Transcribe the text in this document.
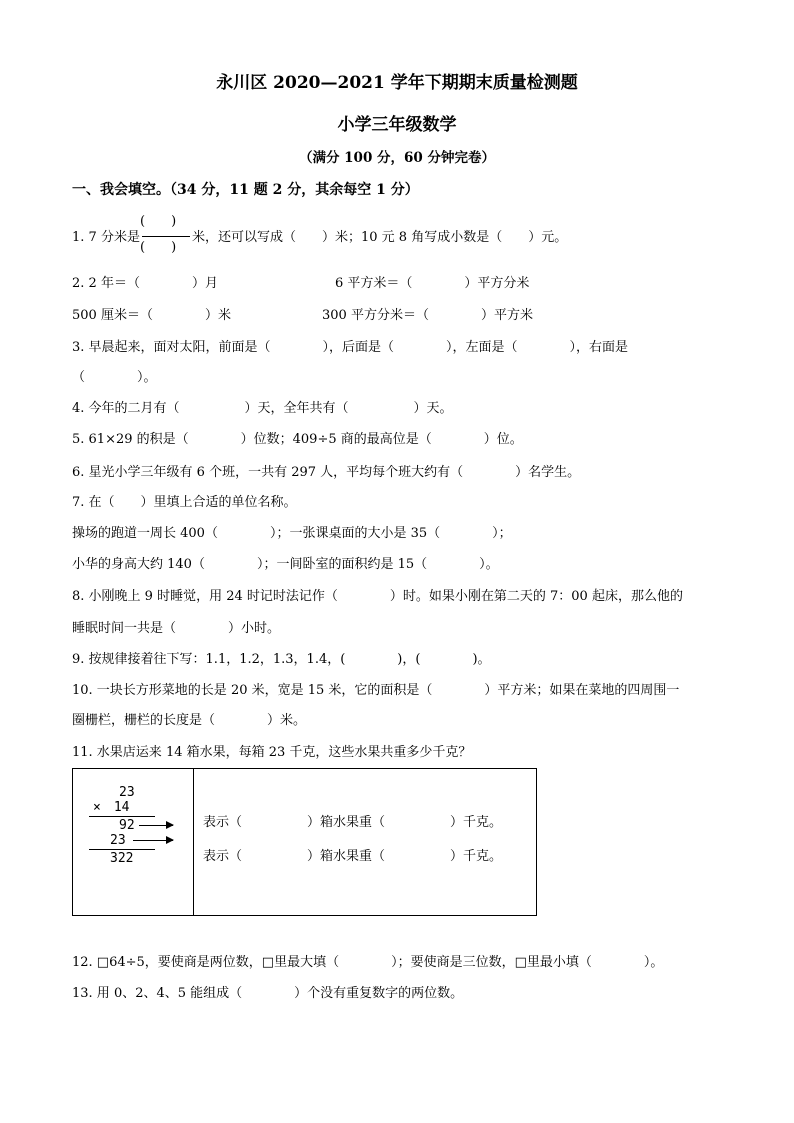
永川区 2020—2021 学年下期期末质量检测题
小学三年级数学
（满分 100 分，60 分钟完卷）
一、我会填空。（34 分，11 题 2 分，其余每空 1 分）
1. 7 分米是
(　　)
(　　)
米，还可以写成（　　）米；10 元 8 角写成小数是（　　）元。
2. 2 年＝（　　　　）月	6 平方米＝（　　　　）平方分米
500 厘米＝（　　　　）米	300 平方分米＝（　　　　）平方米
3. 早晨起来，面对太阳，前面是（　　　　），后面是（　　　　），左面是（　　　　），右面是
（　　　　）。
4. 今年的二月有（　　　　　）天，全年共有（　　　　　）天。
5. 61×29 的积是（　　　　）位数；409÷5 商的最高位是（　　　　）位。
6. 星光小学三年级有 6 个班，一共有 297 人，平均每个班大约有（　　　　）名学生。
7. 在（　　）里填上合适的单位名称。
操场的跑道一周长 400（　　　　）；一张课桌面的大小是 35（　　　　）；
小华的身高大约 140（　　　　）；一间卧室的面积约是 15（　　　　）。
8. 小刚晚上 9 时睡觉，用 24 时记时法记作（　　　　）时。如果小刚在第二天的 7：00 起床，那么他的
睡眠时间一共是（　　　　）小时。
9. 按规律接着往下写：1.1，1.2，1.3，1.4，(　　　　)，(　　　　)。
10. 一块长方形菜地的长是 20 米，宽是 15 米，它的面积是（　　　　）平方米；如果在菜地的四周围一
圈栅栏，栅栏的长度是（　　　　）米。
11. 水果店运来 14 箱水果，每箱 23 千克，这些水果共重多少千克？
23
×　14
92
23
322
表示（　　　　　）箱水果重（　　　　　）千克。
表示（　　　　　）箱水果重（　　　　　）千克。
12. □64÷5，要使商是两位数，□里最大填（　　　　）；要使商是三位数，□里最小填（　　　　）。
13. 用 0、2、4、5 能组成（　　　　）个没有重复数字的两位数。
